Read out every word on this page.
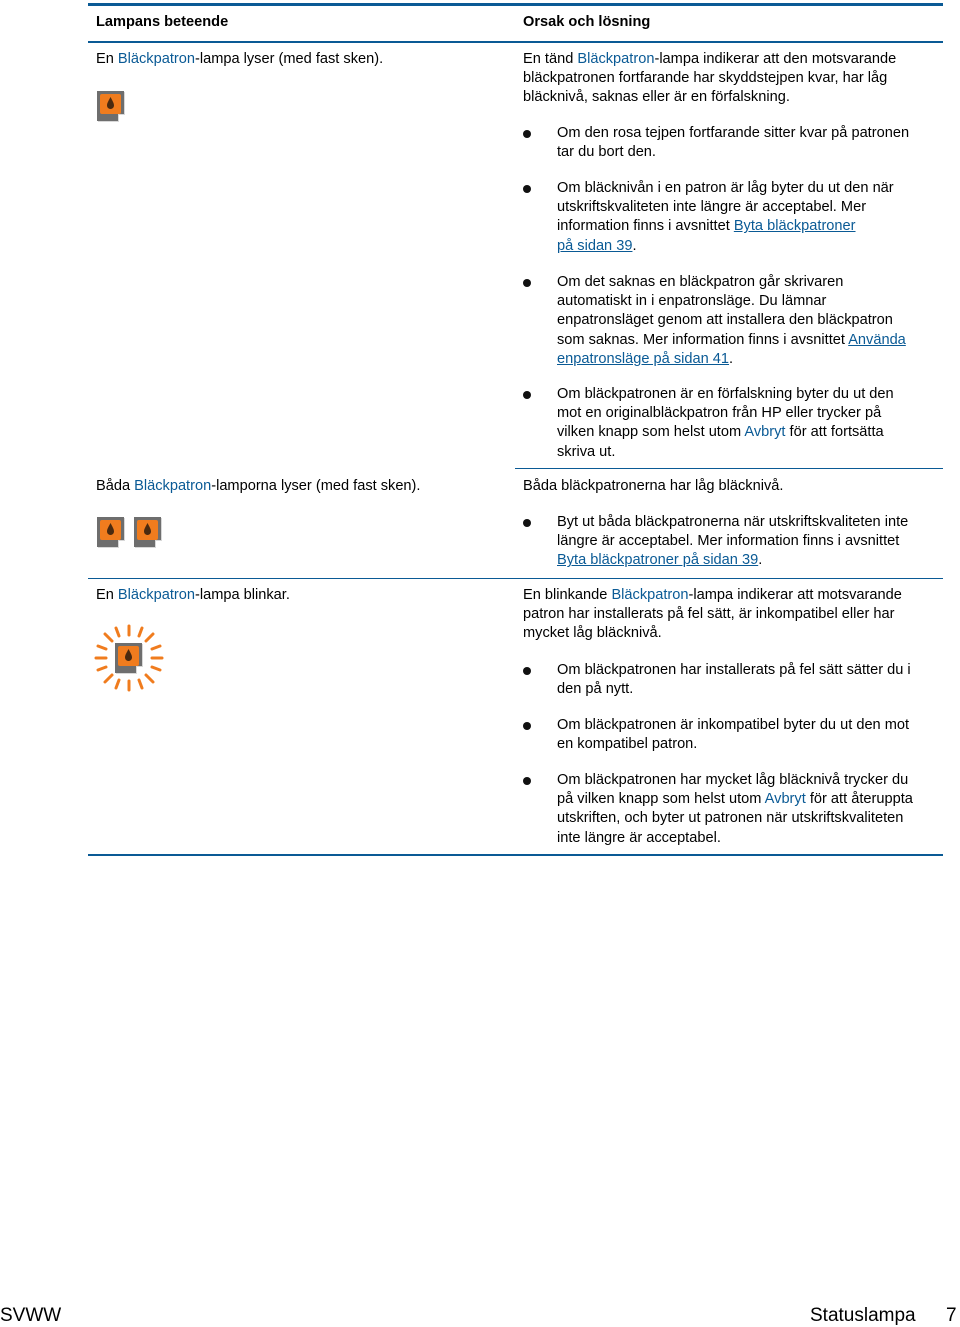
Lampans beteende	Orsak och lösning
En Bläckpatron-lampa lyser (med fast sken).	En tänd Bläckpatron-lampa indikerar att den motsvarande
bläckpatronen fortfarande har skyddstejpen kvar, har låg
bläcknivå, saknas eller är en förfalskning.
Om den rosa tejpen fortfarande sitter kvar på patronen
tar du bort den.
Om bläcknivån i en patron är låg byter du ut den när
utskriftskvaliteten inte längre är acceptabel. Mer
information finns i avsnittet Byta bläckpatroner
på sidan 39.
Om det saknas en bläckpatron går skrivaren
automatiskt in i enpatronsläge. Du lämnar
enpatronsläget genom att installera den bläckpatron
som saknas. Mer information finns i avsnittet Använda
enpatronsläge på sidan 41.
Om bläckpatronen är en förfalskning byter du ut den
mot en originalbläckpatron från HP eller trycker på
vilken knapp som helst utom Avbryt för att fortsätta
skriva ut.
Båda Bläckpatron-lamporna lyser (med fast sken).	Båda bläckpatronerna har låg bläcknivå.
Byt ut båda bläckpatronerna när utskriftskvaliteten inte
längre är acceptabel. Mer information finns i avsnittet
Byta bläckpatroner på sidan 39.
En Bläckpatron-lampa blinkar.	En blinkande Bläckpatron-lampa indikerar att motsvarande
patron har installerats på fel sätt, är inkompatibel eller har
mycket låg bläcknivå.
Om bläckpatronen har installerats på fel sätt sätter du i
den på nytt.
Om bläckpatronen är inkompatibel byter du ut den mot
en kompatibel patron.
Om bläckpatronen har mycket låg bläcknivå trycker du
på vilken knapp som helst utom Avbryt för att återuppta
utskriften, och byter ut patronen när utskriftskvaliteten
inte längre är acceptabel.
SVWW	Statuslampa 7
